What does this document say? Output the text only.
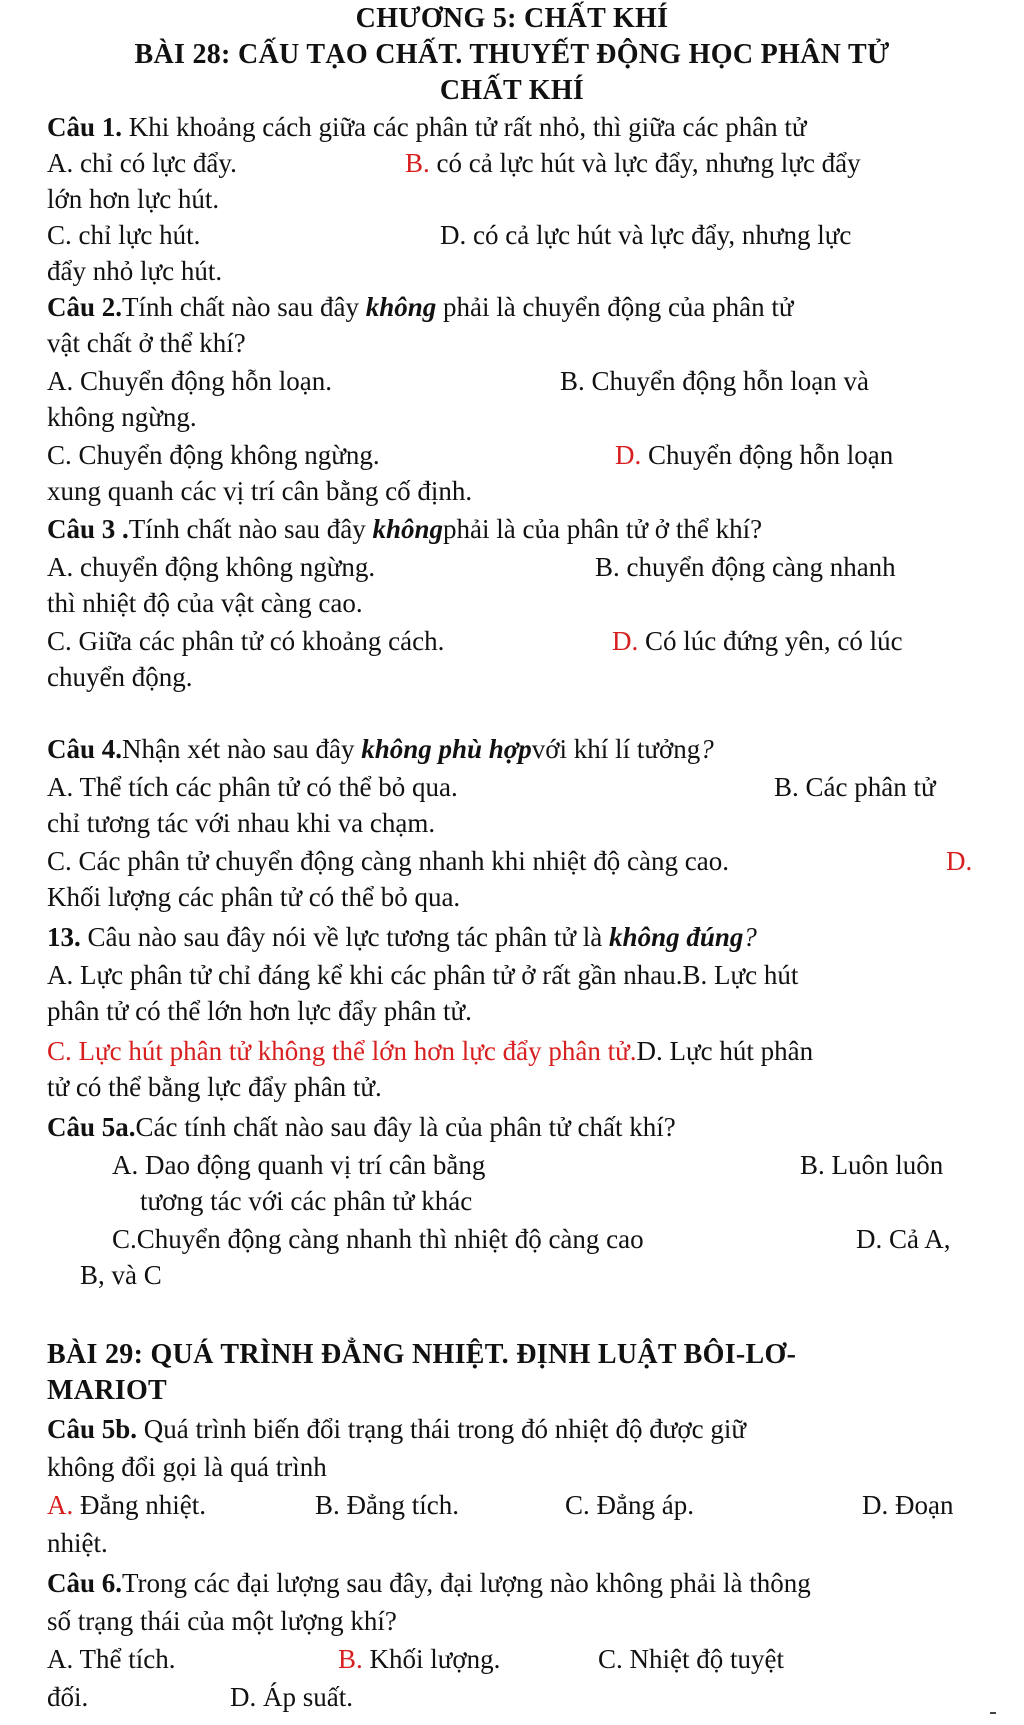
CHƯƠNG 5: CHẤT KHÍ
BÀI 28: CẤU TẠO CHẤT. THUYẾT ĐỘNG HỌC PHÂN TỬ
CHẤT KHÍ
Câu 1. Khi khoảng cách giữa các phân tử rất nhỏ, thì giữa các phân tử
A. chỉ có lực đẩy.	B. có cả lực hút và lực đẩy, nhưng lực đẩy
lớn hơn lực hút.
C. chỉ lực hút.	D. có cả lực hút và lực đẩy, nhưng lực
đẩy nhỏ lực hút.
Câu 2.Tính chất nào sau đây không phải là chuyển động của phân tử
vật chất ở thể khí?
A. Chuyển động hỗn loạn.	B. Chuyển động hỗn loạn và
không ngừng.
C. Chuyển động không ngừng.	D. Chuyển động hỗn loạn
xung quanh các vị trí cân bằng cố định.
Câu 3 .Tính chất nào sau đây khôngphải là của phân tử ở thể khí?
A. chuyển động không ngừng.	B. chuyển động càng nhanh
thì nhiệt độ của vật càng cao.
C. Giữa các phân tử có khoảng cách.	D. Có lúc đứng yên, có lúc
chuyển động.
Câu 4.Nhận xét nào sau đây không phù hợpvới khí lí tưởng?
A. Thể tích các phân tử có thể bỏ qua.	B. Các phân tử
chỉ tương tác với nhau khi va chạm.
C. Các phân tử chuyển động càng nhanh khi nhiệt độ càng cao.	D.
Khối lượng các phân tử có thể bỏ qua.
13. Câu nào sau đây nói về lực tương tác phân tử là không đúng?
A. Lực phân tử chỉ đáng kể khi các phân tử ở rất gần nhau.B. Lực hút
phân tử có thể lớn hơn lực đẩy phân tử.
C. Lực hút phân tử không thể lớn hơn lực đẩy phân tử.D. Lực hút phân
tử có thể bằng lực đẩy phân tử.
Câu 5a.Các tính chất nào sau đây là của phân tử chất khí?
A. Dao động quanh vị trí cân bằng	B. Luôn luôn
tương tác với các phân tử khác
C.Chuyển động càng nhanh thì nhiệt độ càng cao	D. Cả A,
B, và C
BÀI 29: QUÁ TRÌNH ĐẲNG NHIỆT. ĐỊNH LUẬT BÔI-LƠ-
MARIOT
Câu 5b. Quá trình biến đổi trạng thái trong đó nhiệt độ được giữ
không đổi gọi là quá trình
A. Đẳng nhiệt.	B. Đẳng tích.	C. Đẳng áp.	D. Đoạn
nhiệt.
Câu 6.Trong các đại lượng sau đây, đại lượng nào không phải là thông
số trạng thái của một lượng khí?
A. Thể tích.	B. Khối lượng.	C. Nhiệt độ tuyệt
đối.	D. Áp suất.
